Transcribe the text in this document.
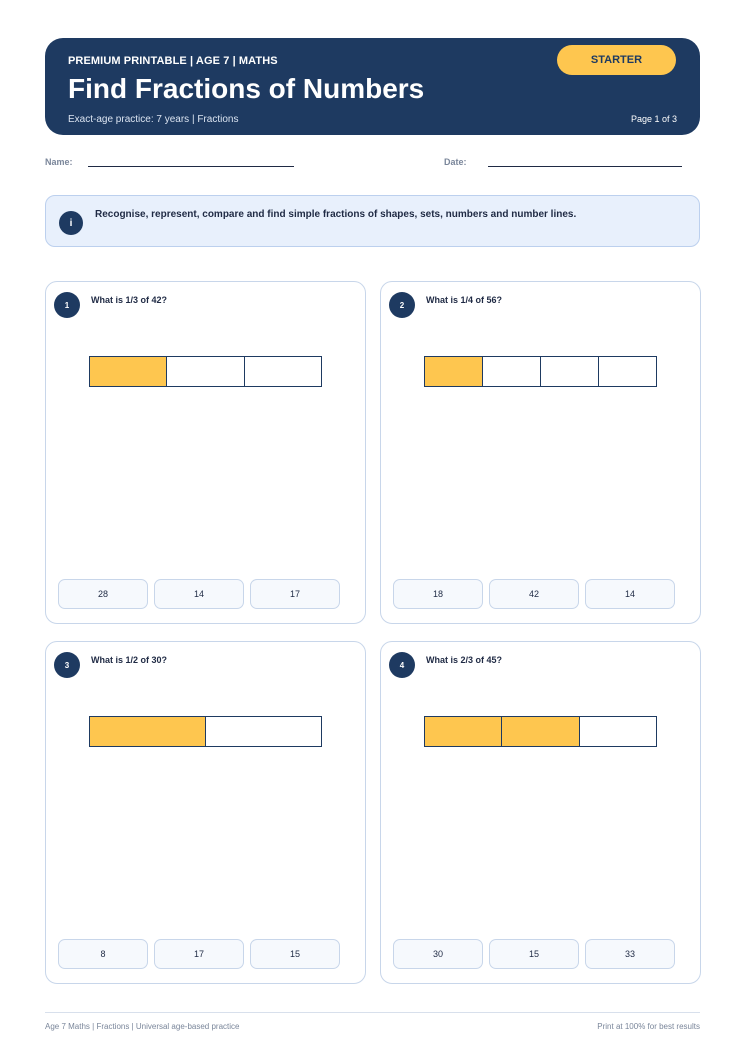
PREMIUM PRINTABLE | AGE 7 | MATHS
Find Fractions of Numbers
Exact-age practice: 7 years | Fractions
STARTER
Page 1 of 3
Name:	Date:
i
Recognise, represent, compare and find simple fractions of shapes, sets, numbers and number lines.
1	What is 1/3 of 42?
28	14	17
2	What is 1/4 of 56?
18	42	14
3	What is 1/2 of 30?
8	17	15
4	What is 2/3 of 45?
30	15	33
Age 7 Maths | Fractions | Universal age-based practice	Print at 100% for best results
